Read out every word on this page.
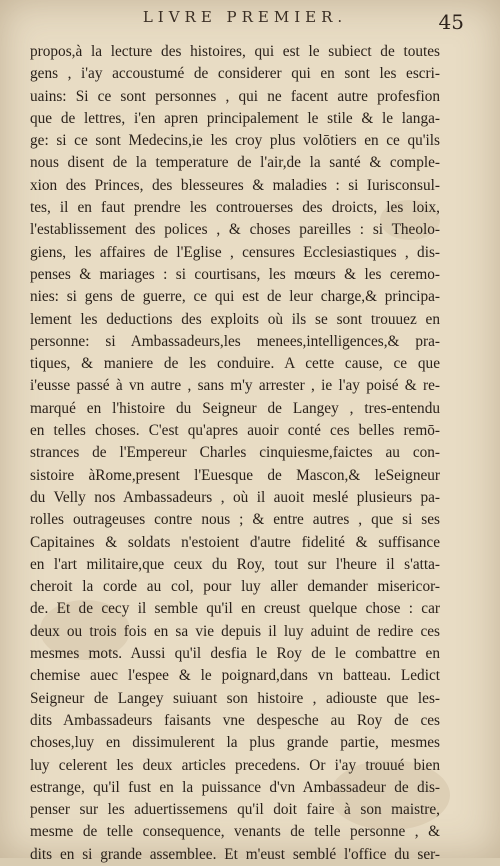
LIVRE PREMIER.	45
propos,à la lecture des histoires, qui est le subiect de toutes
gens , i'ay accoustumé de considerer qui en sont les escri-
uains: Si ce sont personnes , qui ne facent autre profesfion
que de lettres, i'en apren principalement le stile & le langa-
ge: si ce sont Medecins,ie les croy plus volōtiers en ce qu'ils
nous disent de la temperature de l'air,de la santé & comple-
xion des Princes, des blesseures & maladies : si Iurisconsul-
tes, il en faut prendre les controuerses des droicts, les loix,
l'establissement des polices , & choses pareilles : si Theolo-
giens, les affaires de l'Eglise , censures Ecclesiastiques , dis-
penses & mariages : si courtisans, les mœurs & les ceremo-
nies: si gens de guerre, ce qui est de leur charge,& principa-
lement les deductions des exploits où ils se sont trouuez en
personne: si Ambassadeurs,les menees,intelligences,& pra-
tiques, & maniere de les conduire. A cette cause, ce que
i'eusse passé à vn autre , sans m'y arrester , ie l'ay poisé & re-
marqué en l'histoire du Seigneur de Langey , tres-entendu
en telles choses. C'est qu'apres auoir conté ces belles remō-
strances de l'Empereur Charles cinquiesme,faictes au con-
sistoire àRome,present l'Euesque de Mascon,& leSeigneur
du Velly nos Ambassadeurs , où il auoit meslé plusieurs pa-
rolles outrageuses contre nous ; & entre autres , que si ses
Capitaines & soldats n'estoient d'autre fidelité & suffisance
en l'art militaire,que ceux du Roy, tout sur l'heure il s'atta-
cheroit la corde au col, pour luy aller demander misericor-
de. Et de cecy il semble qu'il en creust quelque chose : car
deux ou trois fois en sa vie depuis il luy aduint de redire ces
mesmes mots. Aussi qu'il desfia le Roy de le combattre en
chemise auec l'espee & le poignard,dans vn batteau. Ledict
Seigneur de Langey suiuant son histoire , adiouste que les-
dits Ambassadeurs faisants vne despesche au Roy de ces
choses,luy en dissimulerent la plus grande partie, mesmes
luy celerent les deux articles precedens. Or i'ay trouué bien
estrange, qu'il fust en la puissance d'vn Ambassadeur de dis-
penser sur les aduertissemens qu'il doit faire à son maistre,
mesme de telle consequence, venants de telle personne , &
dits en si grande assemblee. Et m'eust semblé l'office du ser-
